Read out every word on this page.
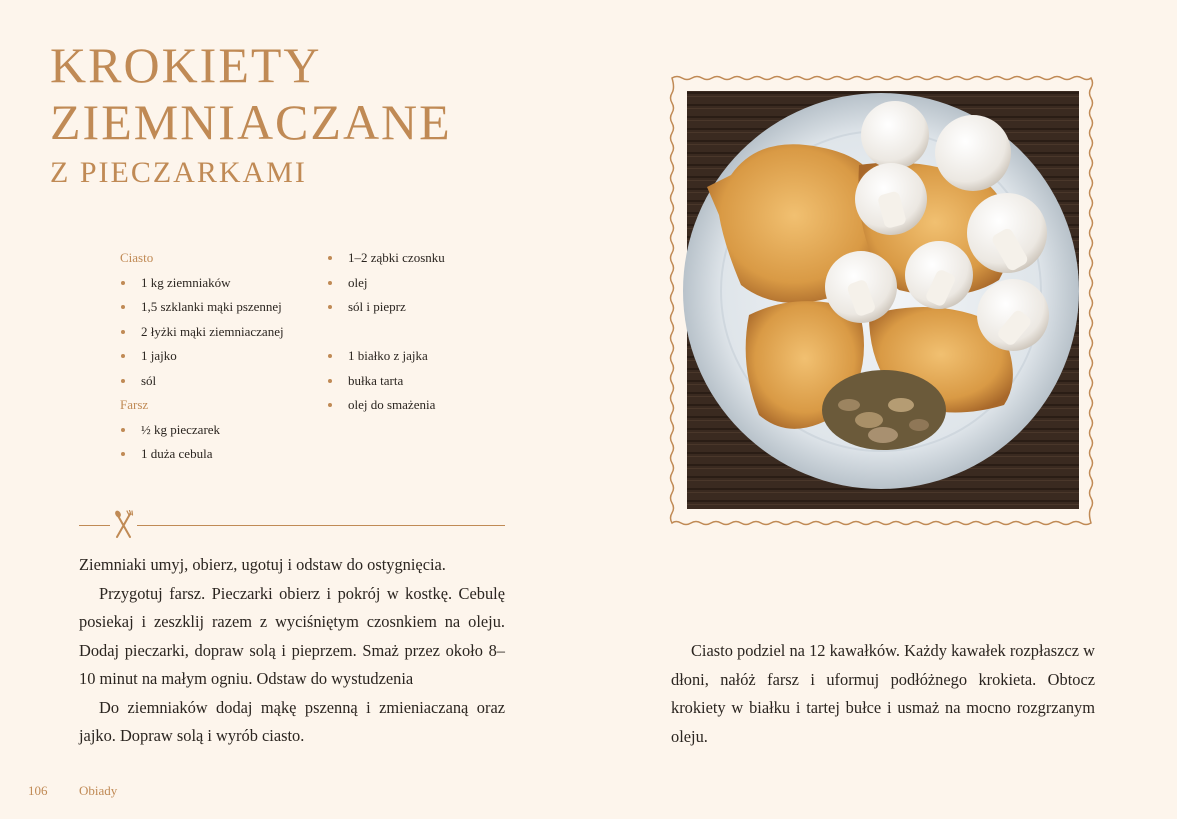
KROKIETY
ZIEMNIACZANE
Z PIECZARKAMI
Ciasto
1 kg ziemniaków
1,5 szklanki mąki pszennej
2 łyżki mąki ziemniaczanej
1 jajko
sól
Farsz
½ kg pieczarek
1 duża cebula
1–2 ząbki czosnku
olej
sól i pieprz
1 białko z jajka
bułka tarta
olej do smażenia

Ziemniaki umyj, obierz, ugotuj i odstaw do ostygnięcia.

Przygotuj farsz. Pieczarki obierz i pokrój w kostkę. Cebulę posiekaj i zeszklij razem z wyciśniętym czosnkiem na oleju. Dodaj pieczarki, dopraw solą i pieprzem. Smaż przez około 8–10 minut na małym ogniu. Odstaw do wystudzenia

Do ziemniaków dodaj mąkę pszenną i zmieniaczaną oraz jajko. Dopraw solą i wyrób ciasto.

Ciasto podziel na 12 kawałków. Każdy kawałek rozpłaszcz w dłoni, nałóż farsz i uformuj podłóżnego krokieta. Obtocz krokiety w białku i tartej bułce i usmaż na mocno rozgrzanym oleju.

106 Obiady
